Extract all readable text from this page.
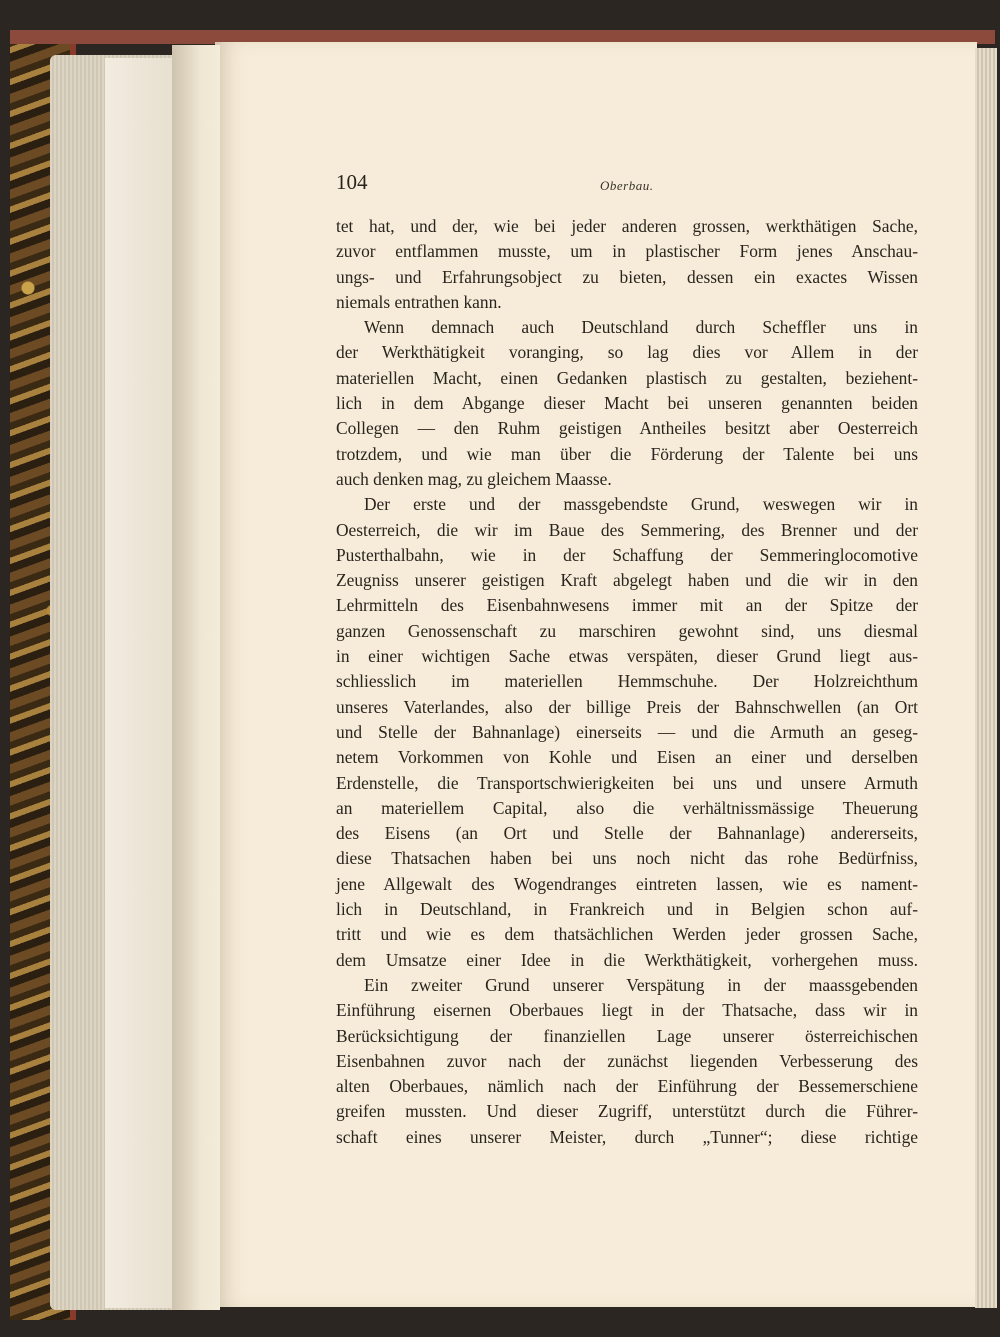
104	Oberbau.

tet hat, und der, wie bei jeder anderen grossen, werkthätigen Sache,
zuvor entflammen musste, um in plastischer Form jenes Anschau-
ungs- und Erfahrungsobject zu bieten, dessen ein exactes Wissen
niemals entrathen kann.

Wenn demnach auch Deutschland durch Scheffler uns in
der Werkthätigkeit voranging, so lag dies vor Allem in der
materiellen Macht, einen Gedanken plastisch zu gestalten, beziehent-
lich in dem Abgange dieser Macht bei unseren genannten beiden
Collegen — den Ruhm geistigen Antheiles besitzt aber Oesterreich
trotzdem, und wie man über die Förderung der Talente bei uns
auch denken mag, zu gleichem Maasse.

Der erste und der massgebendste Grund, weswegen wir in
Oesterreich, die wir im Baue des Semmering, des Brenner und der
Pusterthalbahn, wie in der Schaffung der Semmeringlocomotive
Zeugniss unserer geistigen Kraft abgelegt haben und die wir in den
Lehrmitteln des Eisenbahnwesens immer mit an der Spitze der
ganzen Genossenschaft zu marschiren gewohnt sind, uns diesmal
in einer wichtigen Sache etwas verspäten, dieser Grund liegt aus-
schliesslich im materiellen Hemmschuhe. Der Holzreichthum
unseres Vaterlandes, also der billige Preis der Bahnschwellen (an Ort
und Stelle der Bahnanlage) einerseits — und die Armuth an geseg-
netem Vorkommen von Kohle und Eisen an einer und derselben
Erdenstelle, die Transportschwierigkeiten bei uns und unsere Armuth
an materiellem Capital, also die verhältnissmässige Theuerung
des Eisens (an Ort und Stelle der Bahnanlage) andererseits,
diese Thatsachen haben bei uns noch nicht das rohe Bedürfniss,
jene Allgewalt des Wogendranges eintreten lassen, wie es nament-
lich in Deutschland, in Frankreich und in Belgien schon auf-
tritt und wie es dem thatsächlichen Werden jeder grossen Sache,
dem Umsatze einer Idee in die Werkthätigkeit, vorhergehen muss.

Ein zweiter Grund unserer Verspätung in der maassgebenden
Einführung eisernen Oberbaues liegt in der Thatsache, dass wir in
Berücksichtigung der finanziellen Lage unserer österreichischen
Eisenbahnen zuvor nach der zunächst liegenden Verbesserung des
alten Oberbaues, nämlich nach der Einführung der Bessemerschiene
greifen mussten. Und dieser Zugriff, unterstützt durch die Führer-
schaft eines unserer Meister, durch „Tunner“; diese richtige
